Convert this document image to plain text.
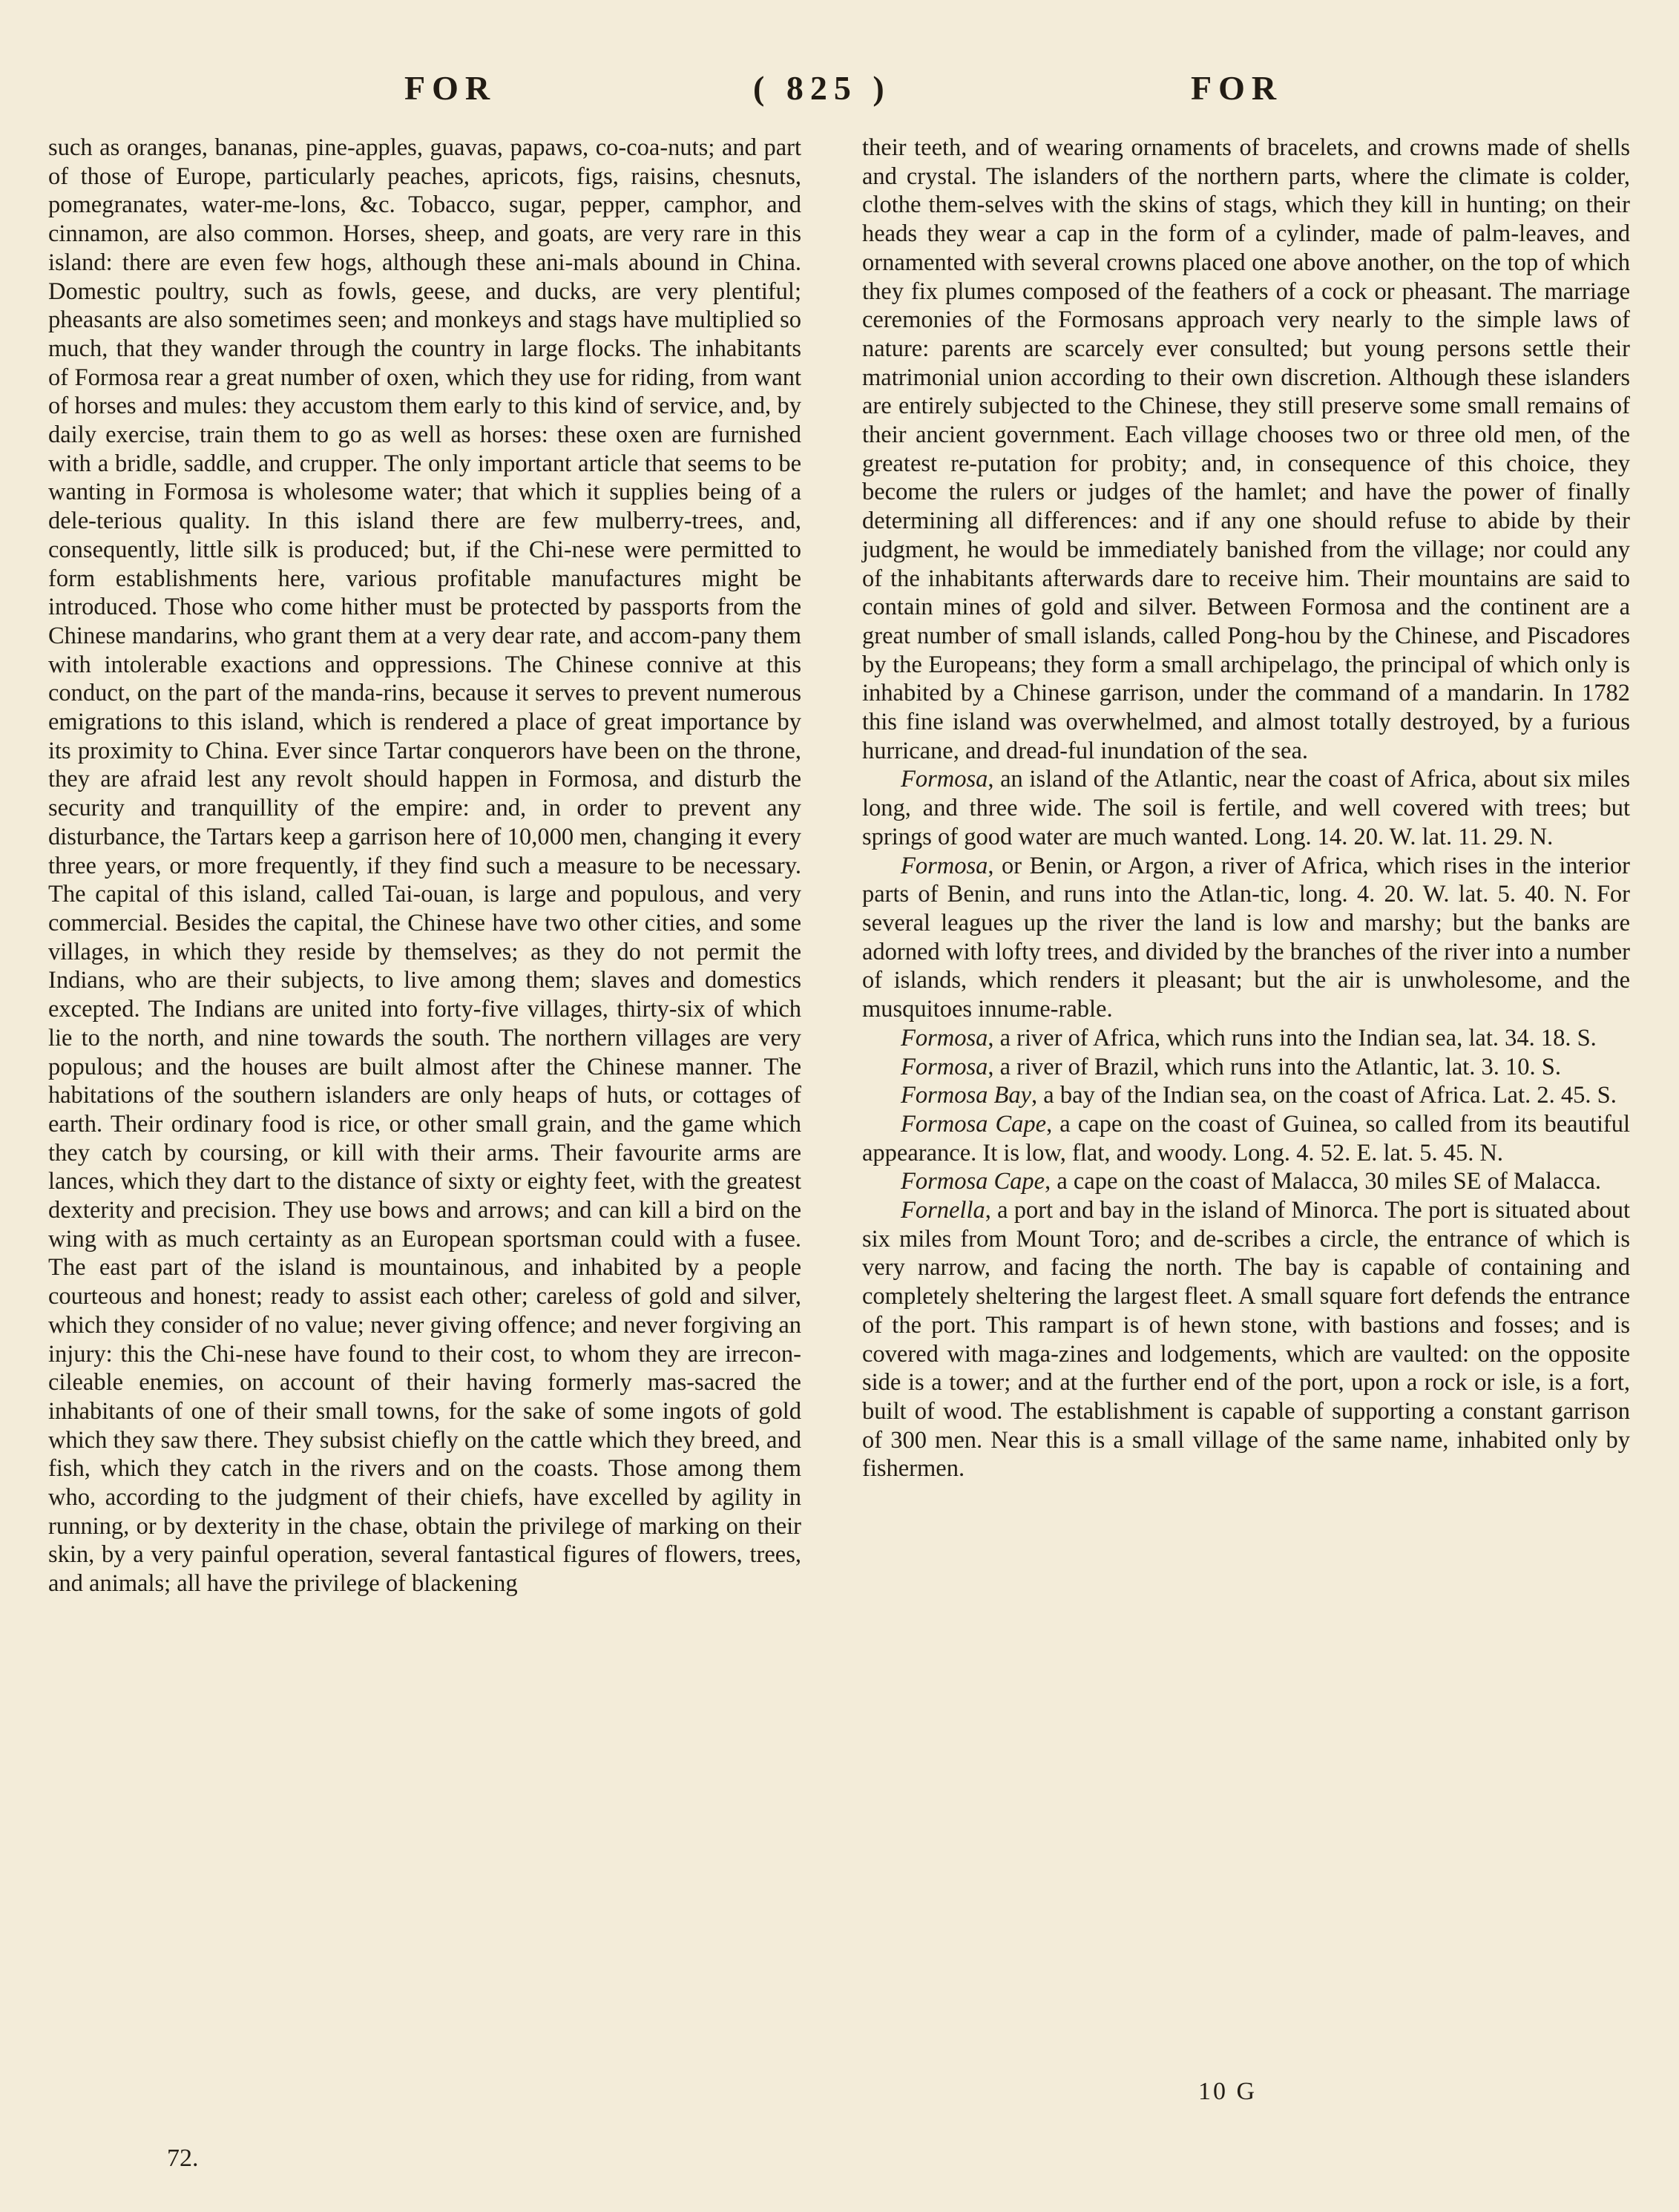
FOR	( 825 )	FOR

such as oranges, bananas, pine-apples, guavas, papaws, co-coa-nuts; and part of those of Europe, particularly peaches, apricots, figs, raisins, chesnuts, pomegranates, water-me-lons, &c. Tobacco, sugar, pepper, camphor, and cinnamon, are also common. Horses, sheep, and goats, are very rare in this island: there are even few hogs, although these ani-mals abound in China. Domestic poultry, such as fowls, geese, and ducks, are very plentiful; pheasants are also sometimes seen; and monkeys and stags have multiplied so much, that they wander through the country in large flocks. The inhabitants of Formosa rear a great number of oxen, which they use for riding, from want of horses and mules: they accustom them early to this kind of service, and, by daily exercise, train them to go as well as horses: these oxen are furnished with a bridle, saddle, and crupper. The only important article that seems to be wanting in Formosa is wholesome water; that which it supplies being of a dele-terious quality. In this island there are few mulberry-trees, and, consequently, little silk is produced; but, if the Chi-nese were permitted to form establishments here, various profitable manufactures might be introduced. Those who come hither must be protected by passports from the Chinese mandarins, who grant them at a very dear rate, and accom-pany them with intolerable exactions and oppressions. The Chinese connive at this conduct, on the part of the manda-rins, because it serves to prevent numerous emigrations to this island, which is rendered a place of great importance by its proximity to China. Ever since Tartar conquerors have been on the throne, they are afraid lest any revolt should happen in Formosa, and disturb the security and tranquillity of the empire: and, in order to prevent any disturbance, the Tartars keep a garrison here of 10,000 men, changing it every three years, or more frequently, if they find such a measure to be necessary. The capital of this island, called Tai-ouan, is large and populous, and very commercial. Besides the capital, the Chinese have two other cities, and some villages, in which they reside by themselves; as they do not permit the Indians, who are their subjects, to live among them; slaves and domestics excepted. The Indians are united into forty-five villages, thirty-six of which lie to the north, and nine towards the south. The northern villages are very populous; and the houses are built almost after the Chinese manner. The habitations of the southern islanders are only heaps of huts, or cottages of earth. Their ordinary food is rice, or other small grain, and the game which they catch by coursing, or kill with their arms. Their favourite arms are lances, which they dart to the distance of sixty or eighty feet, with the greatest dexterity and precision. They use bows and arrows; and can kill a bird on the wing with as much certainty as an European sportsman could with a fusee. The east part of the island is mountainous, and inhabited by a people courteous and honest; ready to assist each other; careless of gold and silver, which they consider of no value; never giving offence; and never forgiving an injury: this the Chi-nese have found to their cost, to whom they are irrecon-cileable enemies, on account of their having formerly mas-sacred the inhabitants of one of their small towns, for the sake of some ingots of gold which they saw there. They subsist chiefly on the cattle which they breed, and fish, which they catch in the rivers and on the coasts. Those among them who, according to the judgment of their chiefs, have excelled by agility in running, or by dexterity in the chase, obtain the privilege of marking on their skin, by a very painful operation, several fantastical figures of flowers, trees, and animals; all have the privilege of blackening

their teeth, and of wearing ornaments of bracelets, and crowns made of shells and crystal. The islanders of the northern parts, where the climate is colder, clothe them-selves with the skins of stags, which they kill in hunting; on their heads they wear a cap in the form of a cylinder, made of palm-leaves, and ornamented with several crowns placed one above another, on the top of which they fix plumes composed of the feathers of a cock or pheasant. The marriage ceremonies of the Formosans approach very nearly to the simple laws of nature: parents are scarcely ever consulted; but young persons settle their matrimonial union according to their own discretion. Although these islanders are entirely subjected to the Chinese, they still preserve some small remains of their ancient government. Each village chooses two or three old men, of the greatest re-putation for probity; and, in consequence of this choice, they become the rulers or judges of the hamlet; and have the power of finally determining all differences: and if any one should refuse to abide by their judgment, he would be immediately banished from the village; nor could any of the inhabitants afterwards dare to receive him. Their mountains are said to contain mines of gold and silver. Between Formosa and the continent are a great number of small islands, called Pong-hou by the Chinese, and Piscadores by the Europeans; they form a small archipelago, the principal of which only is inhabited by a Chinese garrison, under the command of a mandarin. In 1782 this fine island was overwhelmed, and almost totally destroyed, by a furious hurricane, and dread-ful inundation of the sea.

Formosa, an island of the Atlantic, near the coast of Africa, about six miles long, and three wide. The soil is fertile, and well covered with trees; but springs of good water are much wanted. Long. 14. 20. W. lat. 11. 29. N.

Formosa, or Benin, or Argon, a river of Africa, which rises in the interior parts of Benin, and runs into the Atlan-tic, long. 4. 20. W. lat. 5. 40. N. For several leagues up the river the land is low and marshy; but the banks are adorned with lofty trees, and divided by the branches of the river into a number of islands, which renders it pleasant; but the air is unwholesome, and the musquitoes innume-rable.

Formosa, a river of Africa, which runs into the Indian sea, lat. 34. 18. S.

Formosa, a river of Brazil, which runs into the Atlantic, lat. 3. 10. S.

Formosa Bay, a bay of the Indian sea, on the coast of Africa. Lat. 2. 45. S.

Formosa Cape, a cape on the coast of Guinea, so called from its beautiful appearance. It is low, flat, and woody. Long. 4. 52. E. lat. 5. 45. N.

Formosa Cape, a cape on the coast of Malacca, 30 miles SE of Malacca.

Fornella, a port and bay in the island of Minorca. The port is situated about six miles from Mount Toro; and de-scribes a circle, the entrance of which is very narrow, and facing the north. The bay is capable of containing and completely sheltering the largest fleet. A small square fort defends the entrance of the port. This rampart is of hewn stone, with bastions and fosses; and is covered with maga-zines and lodgements, which are vaulted: on the opposite side is a tower; and at the further end of the port, upon a rock or isle, is a fort, built of wood. The establishment is capable of supporting a constant garrison of 300 men. Near this is a small village of the same name, inhabited only by fishermen.

72.
10 G
